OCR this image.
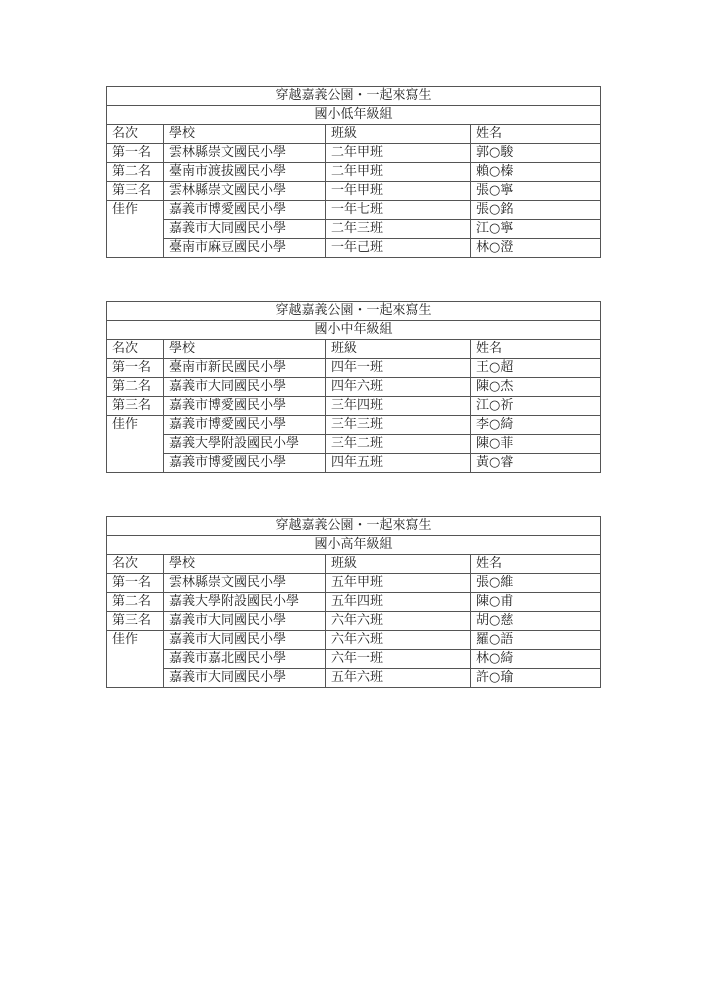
穿越嘉義公園・一起來寫生			
國小低年級組			
名次	學校	班級	姓名
第一名	雲林縣崇文國民小學	二年甲班	郭○駿
第二名	臺南市渡拔國民小學	二年甲班	賴○榛
第三名	雲林縣崇文國民小學	一年甲班	張○寧
佳作	嘉義市博愛國民小學	一年七班	張○銘
	嘉義市大同國民小學	二年三班	江○寧
	臺南市麻豆國民小學	一年己班	林○澄
穿越嘉義公園・一起來寫生			
國小中年級組			
名次	學校	班級	姓名
第一名	臺南市新民國民小學	四年一班	王○超
第二名	嘉義市大同國民小學	四年六班	陳○杰
第三名	嘉義市博愛國民小學	三年四班	江○祈
佳作	嘉義市博愛國民小學	三年三班	李○綺
	嘉義大學附設國民小學	三年二班	陳○菲
	嘉義市博愛國民小學	四年五班	黃○睿
穿越嘉義公園・一起來寫生			
國小高年級組			
名次	學校	班級	姓名
第一名	雲林縣崇文國民小學	五年甲班	張○維
第二名	嘉義大學附設國民小學	五年四班	陳○甫
第三名	嘉義市大同國民小學	六年六班	胡○慈
佳作	嘉義市大同國民小學	六年六班	羅○語
	嘉義市嘉北國民小學	六年一班	林○綺
	嘉義市大同國民小學	五年六班	許○瑜
